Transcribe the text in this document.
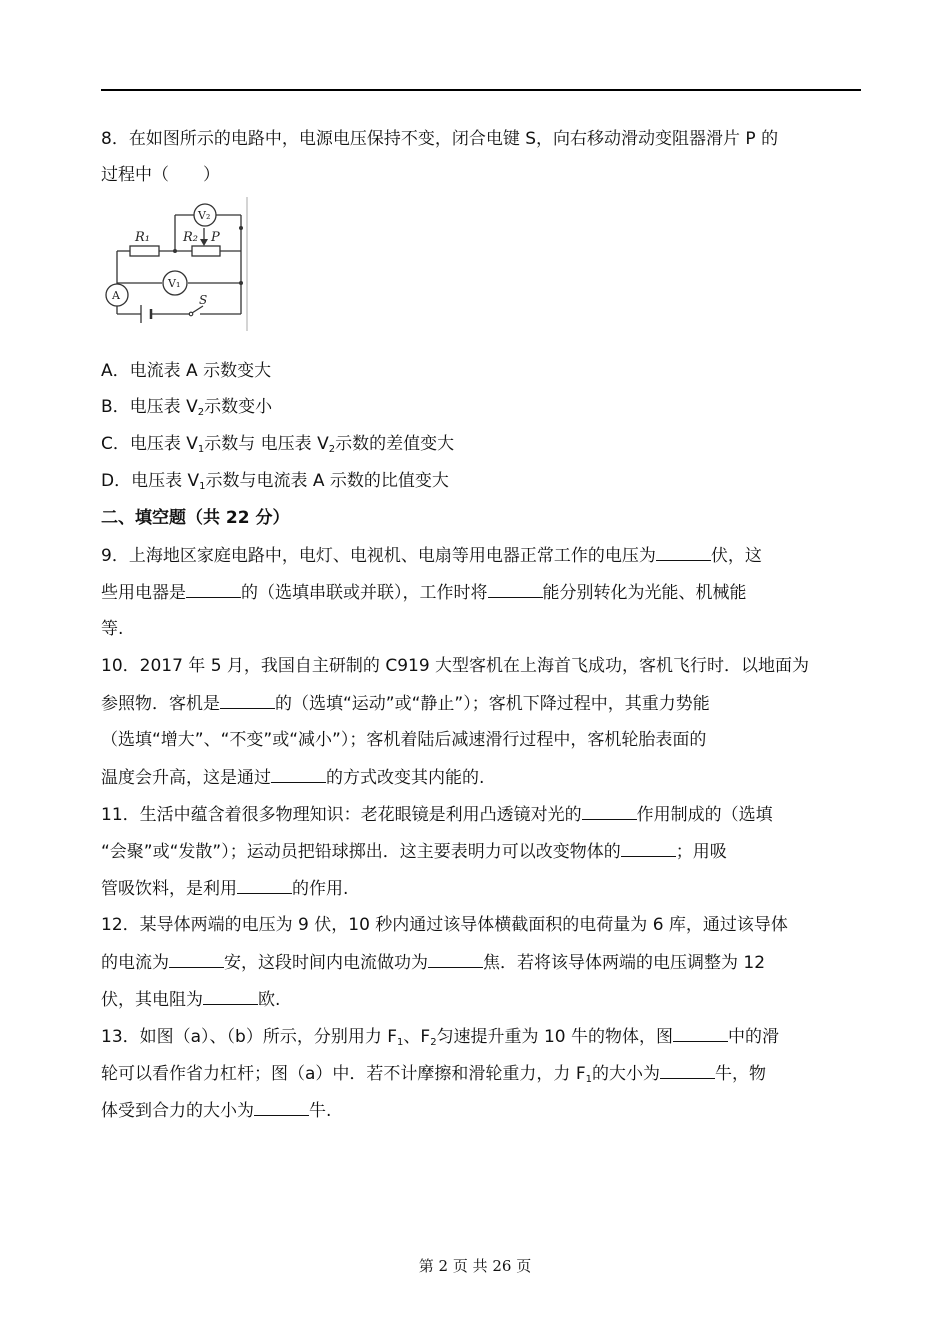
8．在如图所示的电路中，电源电压保持不变，闭合电键 S，向右移动滑动变阻器滑片 P 的
过程中（　　）
R₁	R₂ P
V₂
V₁
A	S
A．电流表 A 示数变大
B．电压表 $V_2$示数变小
C．电压表 $V_1$示数与 电压表 $V_2$示数的差值变大
D．电压表 $V_1$示数与电流表 A 示数的比值变大
二、填空题（共 22 分）
9．上海地区家庭电路中，电灯、电视机、电扇等用电器正常工作的电压为	伏，这
些用电器是	的（选填串联或并联），工作时将	能分别转化为光能、机械能
等.
10．2017 年 5 月，我国自主研制的 C919 大型客机在上海首飞成功，客机飞行时．以地面为
参照物．客机是	的（选填“运动”或“静止”）；客机下降过程中，其重力势能
（选填“增大”、“不变”或“减小”）；客机着陆后减速滑行过程中，客机轮胎表面的
温度会升高，这是通过	的方式改变其内能的.
11．生活中蕴含着很多物理知识：老花眼镜是利用凸透镜对光的	作用制成的（选填
“会聚”或“发散”）；运动员把铅球掷出．这主要表明力可以改变物体的	；用吸
管吸饮料，是利用	的作用.
12．某导体两端的电压为 9 伏，10 秒内通过该导体横截面积的电荷量为 6 库，通过该导体
的电流为	安，这段时间内电流做功为	焦．若将该导体两端的电压调整为 12
伏，其电阻为	欧.
13．如图（a）、（b）所示，分别用力 $F_1$、$F_2$匀速提升重为 10 牛的物体，图	中的滑
轮可以看作省力杠杆；图（a）中．若不计摩擦和滑轮重力，力 $F_1$的大小为	牛，物
体受到合力的大小为	牛.
第 2 页 共 26 页
